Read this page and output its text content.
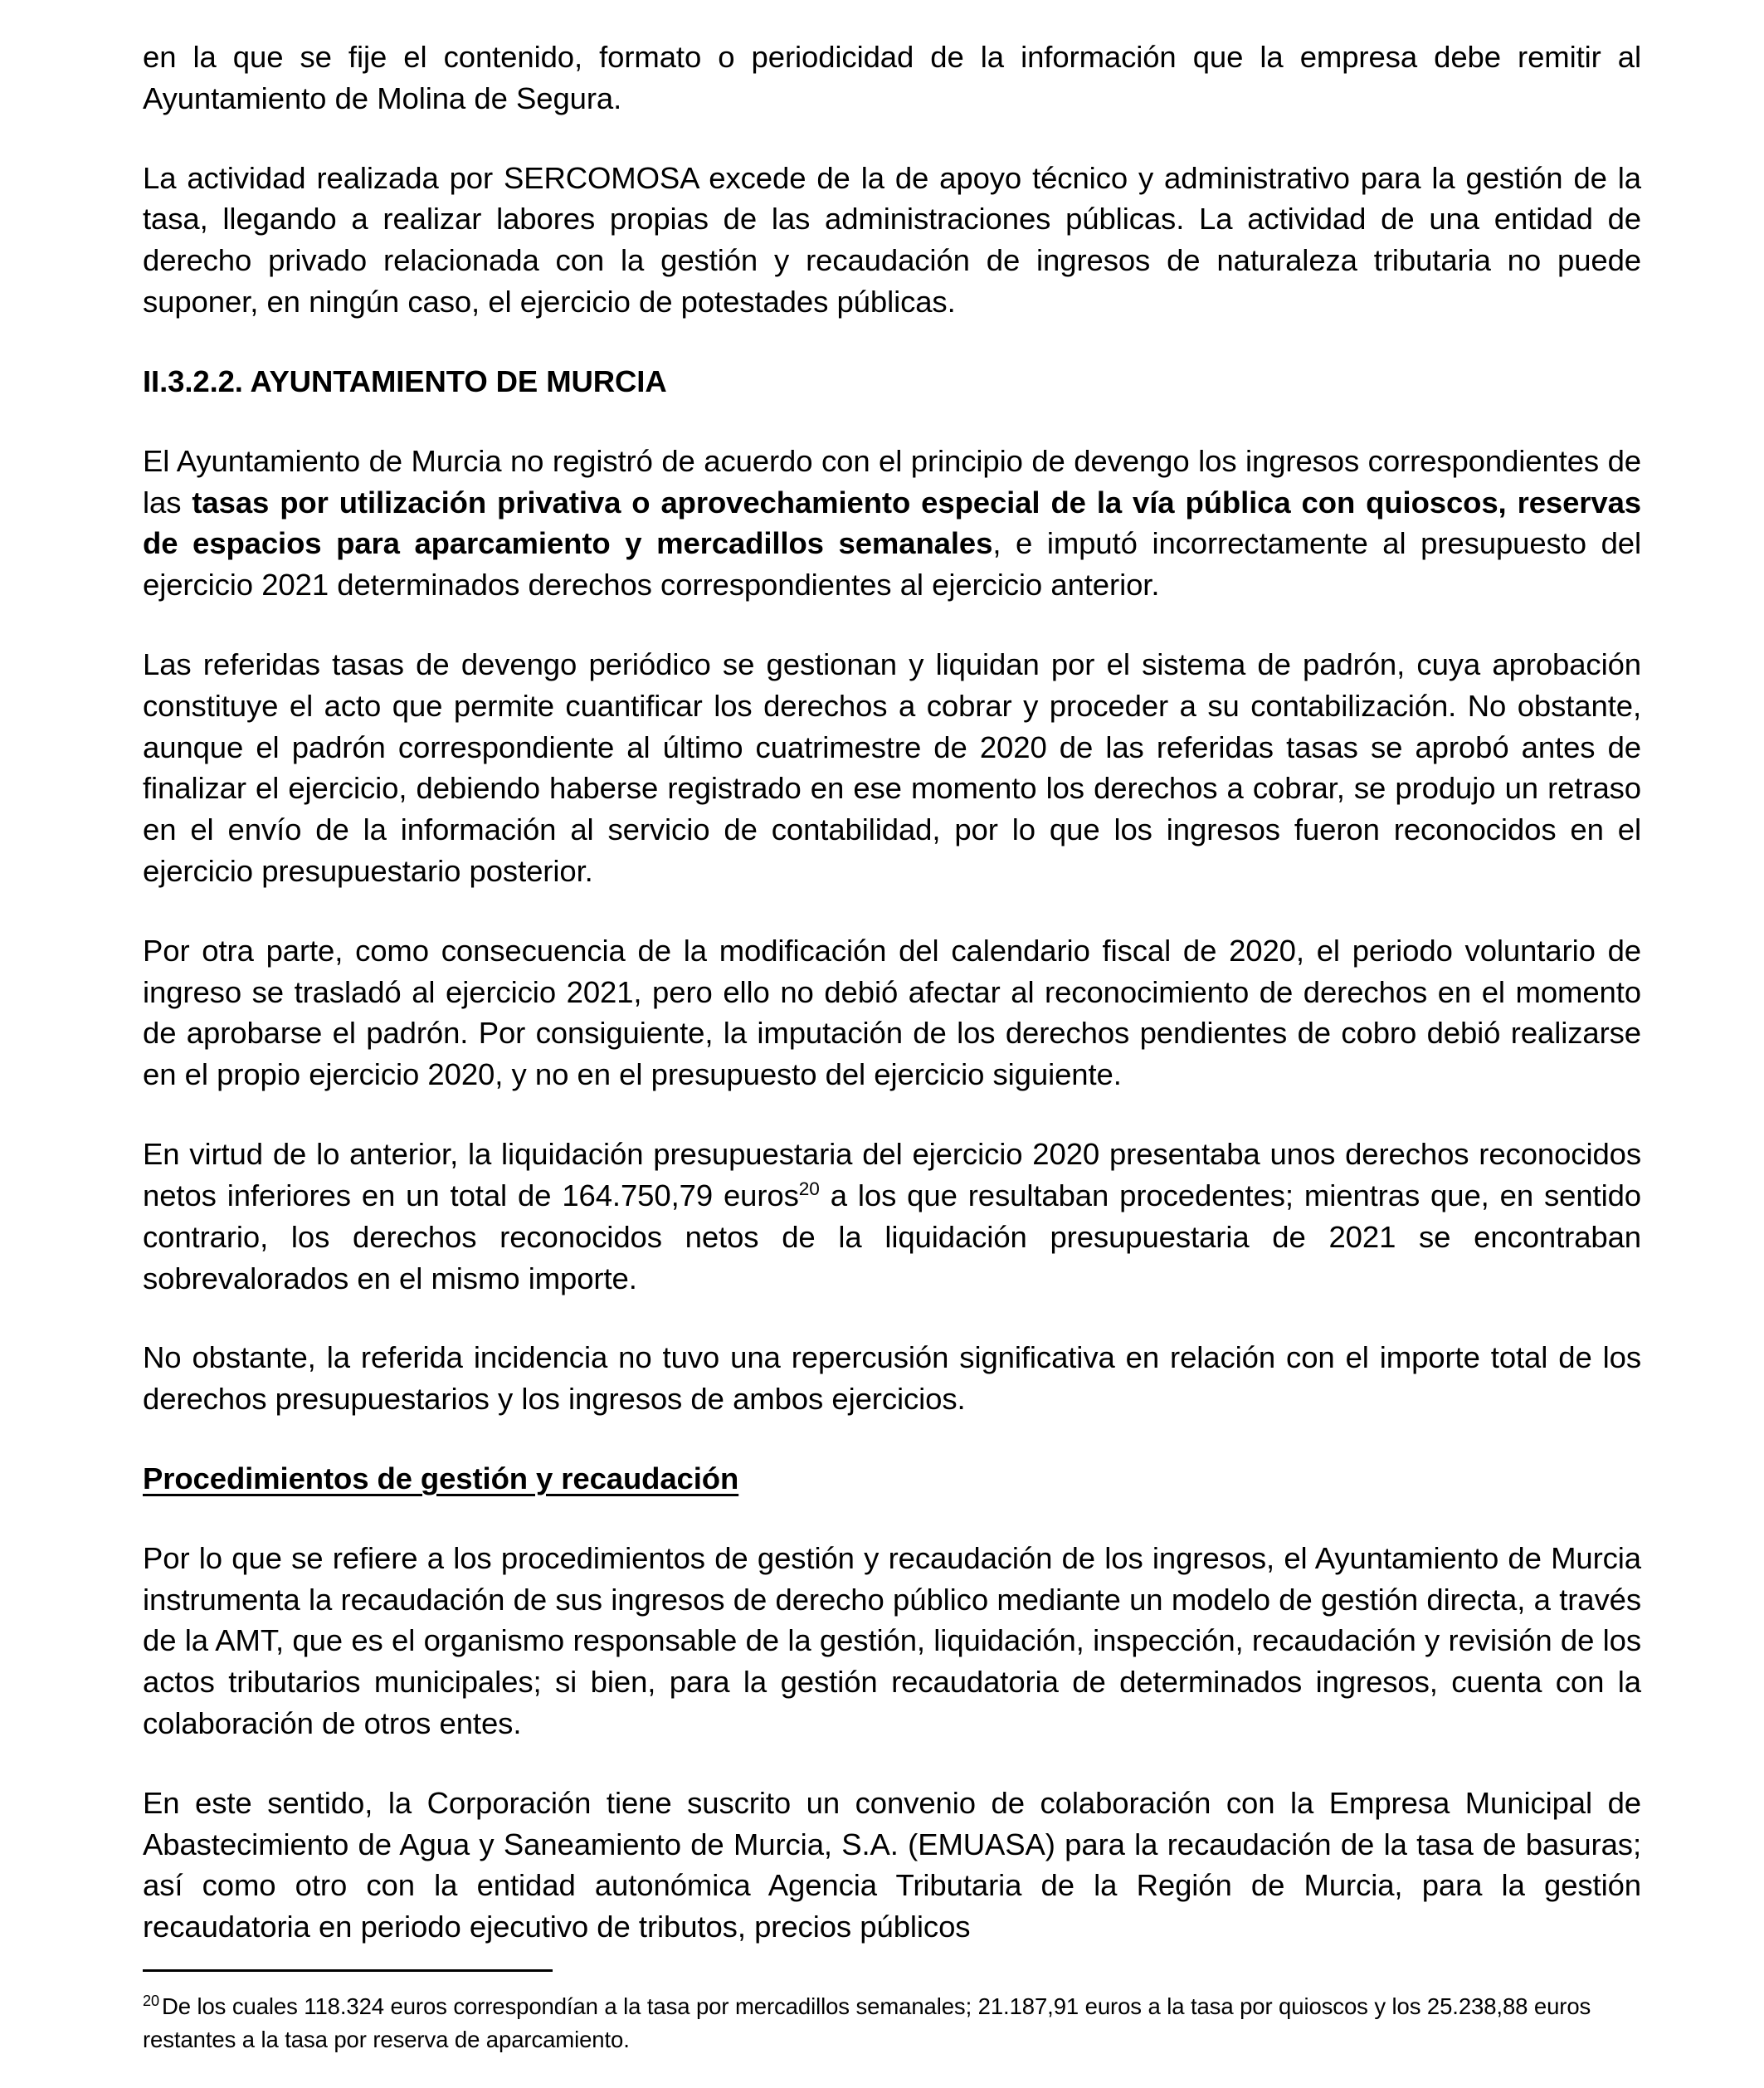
en la que se fije el contenido, formato o periodicidad de la información que la empresa debe remitir al Ayuntamiento de Molina de Segura.

La actividad realizada por SERCOMOSA excede de la de apoyo técnico y administrativo para la gestión de la tasa, llegando a realizar labores propias de las administraciones públicas. La actividad de una entidad de derecho privado relacionada con la gestión y recaudación de ingresos de naturaleza tributaria no puede suponer, en ningún caso, el ejercicio de potestades públicas.

II.3.2.2. AYUNTAMIENTO DE MURCIA

El Ayuntamiento de Murcia no registró de acuerdo con el principio de devengo los ingresos correspondientes de las tasas por utilización privativa o aprovechamiento especial de la vía pública con quioscos, reservas de espacios para aparcamiento y mercadillos semanales, e imputó incorrectamente al presupuesto del ejercicio 2021 determinados derechos correspondientes al ejercicio anterior.

Las referidas tasas de devengo periódico se gestionan y liquidan por el sistema de padrón, cuya aprobación constituye el acto que permite cuantificar los derechos a cobrar y proceder a su contabilización. No obstante, aunque el padrón correspondiente al último cuatrimestre de 2020 de las referidas tasas se aprobó antes de finalizar el ejercicio, debiendo haberse registrado en ese momento los derechos a cobrar, se produjo un retraso en el envío de la información al servicio de contabilidad, por lo que los ingresos fueron reconocidos en el ejercicio presupuestario posterior.

Por otra parte, como consecuencia de la modificación del calendario fiscal de 2020, el periodo voluntario de ingreso se trasladó al ejercicio 2021, pero ello no debió afectar al reconocimiento de derechos en el momento de aprobarse el padrón. Por consiguiente, la imputación de los derechos pendientes de cobro debió realizarse en el propio ejercicio 2020, y no en el presupuesto del ejercicio siguiente.

En virtud de lo anterior, la liquidación presupuestaria del ejercicio 2020 presentaba unos derechos reconocidos netos inferiores en un total de 164.750,79 euros$^{20}$ a los que resultaban procedentes; mientras que, en sentido contrario, los derechos reconocidos netos de la liquidación presupuestaria de 2021 se encontraban sobrevalorados en el mismo importe.

No obstante, la referida incidencia no tuvo una repercusión significativa en relación con el importe total de los derechos presupuestarios y los ingresos de ambos ejercicios.

Procedimientos de gestión y recaudación

Por lo que se refiere a los procedimientos de gestión y recaudación de los ingresos, el Ayuntamiento de Murcia instrumenta la recaudación de sus ingresos de derecho público mediante un modelo de gestión directa, a través de la AMT, que es el organismo responsable de la gestión, liquidación, inspección, recaudación y revisión de los actos tributarios municipales; si bien, para la gestión recaudatoria de determinados ingresos, cuenta con la colaboración de otros entes.

En este sentido, la Corporación tiene suscrito un convenio de colaboración con la Empresa Municipal de Abastecimiento de Agua y Saneamiento de Murcia, S.A. (EMUASA) para la recaudación de la tasa de basuras; así como otro con la entidad autonómica Agencia Tributaria de la Región de Murcia, para la gestión recaudatoria en periodo ejecutivo de tributos, precios públicos

$^{20}$ De los cuales 118.324 euros correspondían a la tasa por mercadillos semanales; 21.187,91 euros a la tasa por quioscos y los 25.238,88 euros restantes a la tasa por reserva de aparcamiento.
